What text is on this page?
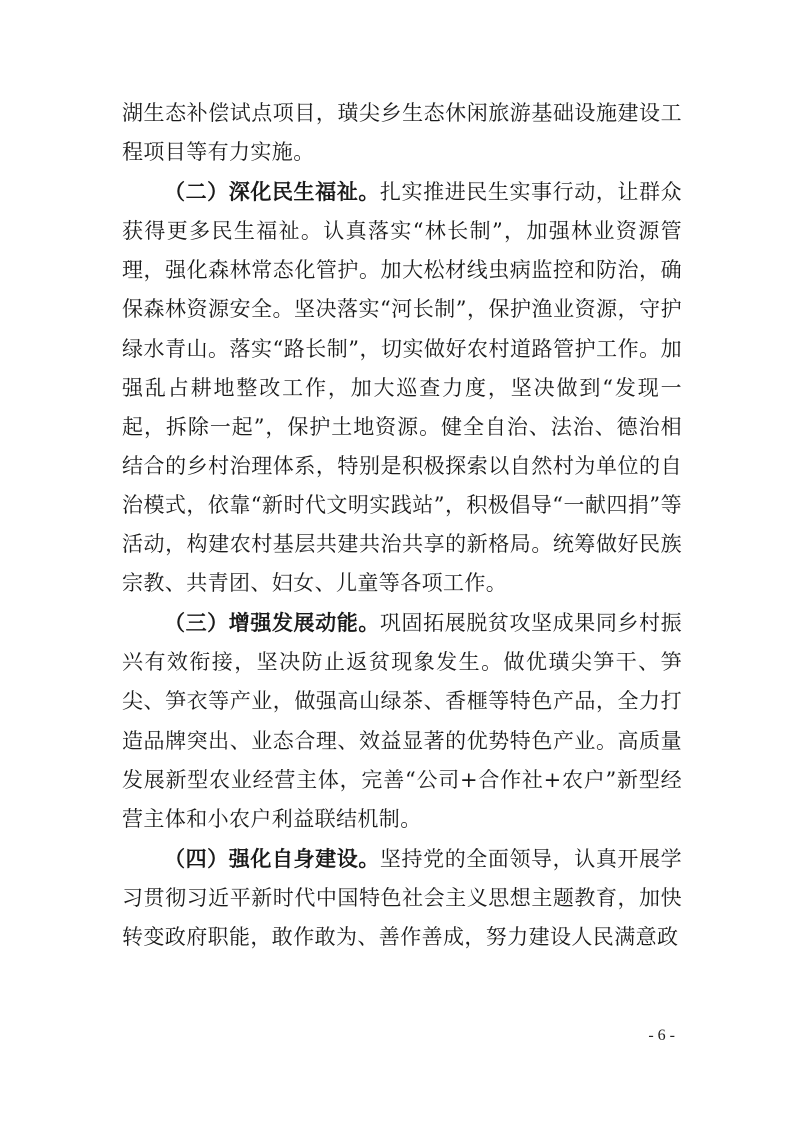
湖生态补偿试点项目，璜尖乡生态休闲旅游基础设施建设工程项目等有力实施。

（二）深化民生福祉。扎实推进民生实事行动，让群众获得更多民生福祉。认真落实“林长制”，加强林业资源管理，强化森林常态化管护。加大松材线虫病监控和防治，确保森林资源安全。坚决落实“河长制”，保护渔业资源，守护绿水青山。落实“路长制”，切实做好农村道路管护工作。加强乱占耕地整改工作，加大巡查力度，坚决做到“发现一起，拆除一起”，保护土地资源。健全自治、法治、德治相结合的乡村治理体系，特别是积极探索以自然村为单位的自治模式，依靠“新时代文明实践站”，积极倡导“一献四捐”等活动，构建农村基层共建共治共享的新格局。统筹做好民族宗教、共青团、妇女、儿童等各项工作。

（三）增强发展动能。巩固拓展脱贫攻坚成果同乡村振兴有效衔接，坚决防止返贫现象发生。做优璜尖笋干、笋尖、笋衣等产业，做强高山绿茶、香榧等特色产品，全力打造品牌突出、业态合理、效益显著的优势特色产业。高质量发展新型农业经营主体，完善“公司+合作社+农户”新型经营主体和小农户利益联结机制。

（四）强化自身建设。坚持党的全面领导，认真开展学习贯彻习近平新时代中国特色社会主义思想主题教育，加快转变政府职能，敢作敢为、善作善成，努力建设人民满意政

- 6 -
